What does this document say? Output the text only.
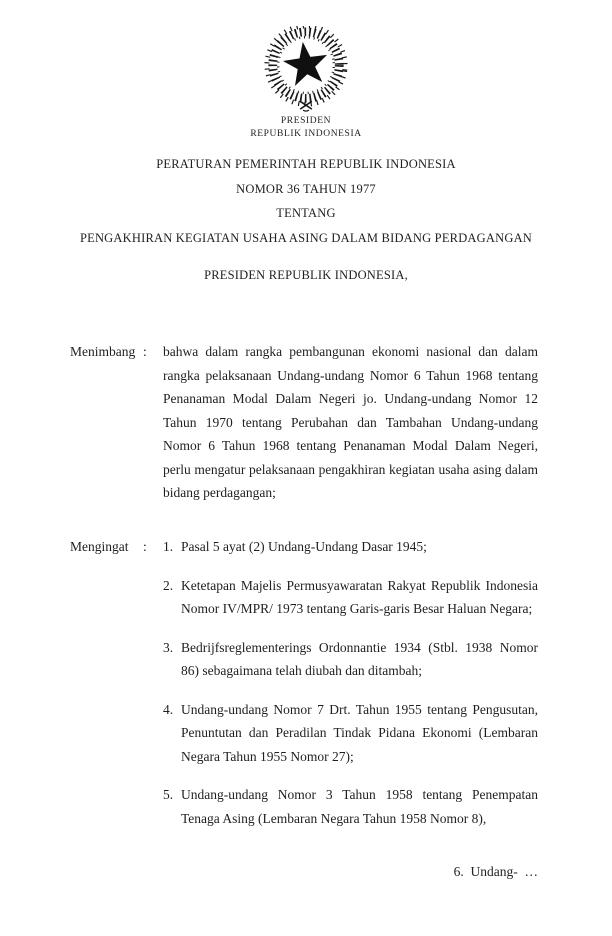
PRESIDEN
REPUBLIK INDONESIA
PERATURAN PEMERINTAH REPUBLIK INDONESIA
NOMOR 36 TAHUN 1977
TENTANG
PENGAKHIRAN KEGIATAN USAHA ASING DALAM BIDANG PERDAGANGAN
PRESIDEN REPUBLIK INDONESIA,
Menimbang :	bahwa dalam rangka pembangunan ekonomi nasional dan dalam rangka pelaksanaan Undang-undang Nomor 6 Tahun 1968 tentang Penanaman Modal Dalam Negeri jo. Undang-undang Nomor 12 Tahun 1970 tentang Perubahan dan Tambahan Undang-undang Nomor 6 Tahun 1968 tentang Penanaman Modal Dalam Negeri, perlu mengatur pelaksanaan pengakhiran kegiatan usaha asing dalam bidang perdagangan;
Mengingat	:	1. Pasal 5 ayat (2) Undang-Undang Dasar 1945;
2. Ketetapan Majelis Permusyawaratan Rakyat Republik Indonesia Nomor IV/MPR/ 1973 tentang Garis-garis Besar Haluan Negara;
3. Bedrijfsreglementerings Ordonnantie 1934 (Stbl. 1938 Nomor 86) sebagaimana telah diubah dan ditambah;
4. Undang-undang Nomor 7 Drt. Tahun 1955 tentang Pengusutan, Penuntutan dan Peradilan Tindak Pidana Ekonomi (Lembaran Negara Tahun 1955 Nomor 27);
5. Undang-undang Nomor 3 Tahun 1958 tentang Penempatan Tenaga Asing (Lembaran Negara Tahun 1958 Nomor 8),
6.  Undang-  …
